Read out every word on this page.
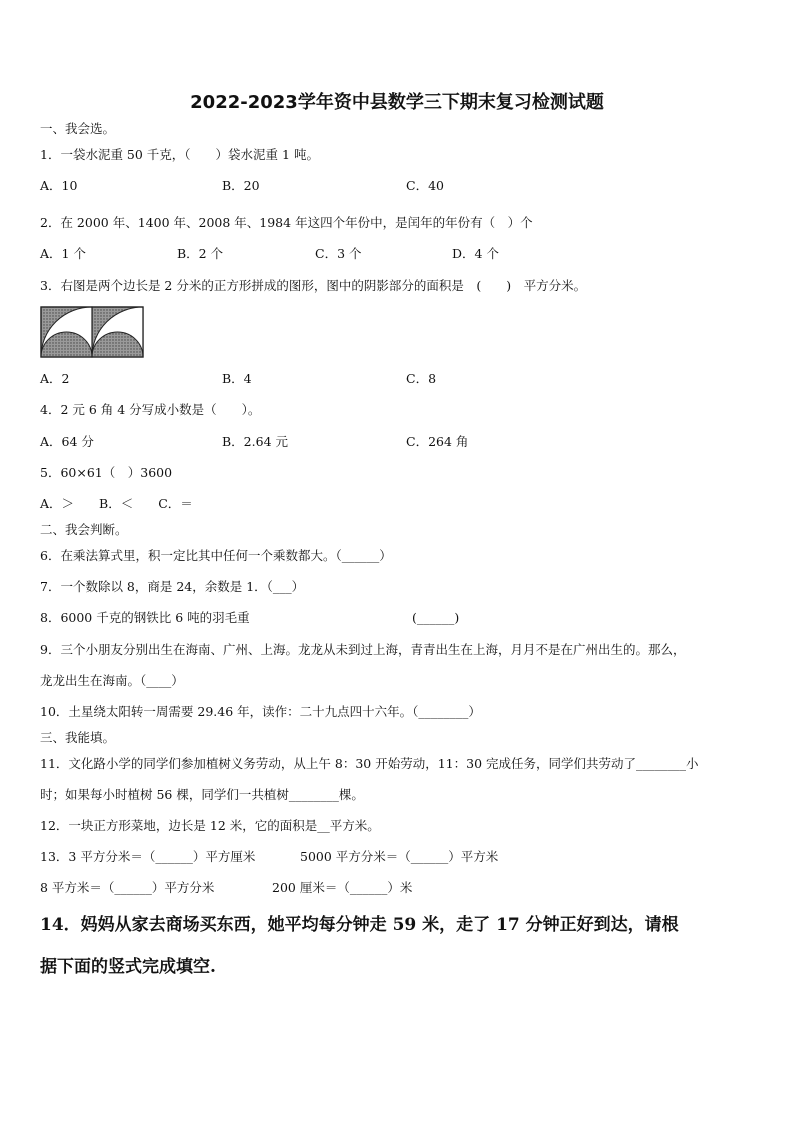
2022-2023学年资中县数学三下期末复习检测试题
一、我会选。
1．一袋水泥重 50 千克，（　　）袋水泥重 1 吨。
A．10	B．20	C．40
2．在 2000 年、1400 年、2008 年、1984 年这四个年份中，是闰年的年份有（　）个
A．1 个	B．2 个	C．3 个	D．4 个
3．右图是两个边长是 2 分米的正方形拼成的图形，图中的阴影部分的面积是　(　　)　平方分米。
A．2	B．4	C．8
4．2 元 6 角 4 分写成小数是（　　）。
A．64 分	B．2.64 元	C．264 角
5．60×61（　）3600
A．＞　　B．＜　　C．＝
二、我会判断。
6．在乘法算式里，积一定比其中任何一个乘数都大。（______）
7．一个数除以 8，商是 24，余数是 1．（___）
8．6000 千克的钢铁比 6 吨的羽毛重	(______)
9．三个小朋友分别出生在海南、广州、上海。龙龙从未到过上海，青青出生在上海，月月不是在广州出生的。那么，
龙龙出生在海南。（____）
10．土星绕太阳转一周需要 29.46 年，读作：二十九点四十六年。（________）
三、我能填。
11．文化路小学的同学们参加植树义务劳动，从上午 8：30 开始劳动，11：30 完成任务，同学们共劳动了________小
时；如果每小时植树 56 棵，同学们一共植树________棵。
12．一块正方形菜地，边长是 12 米，它的面积是__平方米。
13．3 平方分米＝（______）平方厘米	5000 平方分米＝（______）平方米
8 平方米＝（______）平方分米	200 厘米＝（______）米
14．妈妈从家去商场买东西，她平均每分钟走 59 米，走了 17 分钟正好到达，请根
据下面的竖式完成填空.
